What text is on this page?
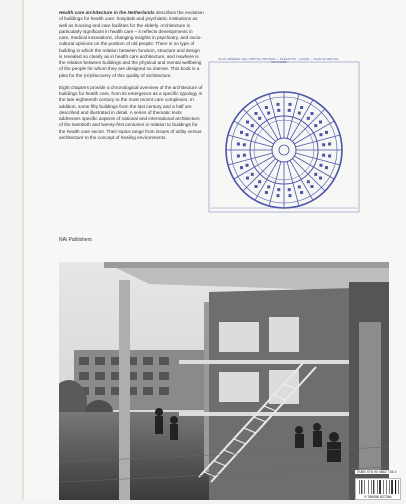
Health care architecture in the Netherlands describes the evolution of buildings for health care: hospitals and psychiatric institutions as well as housing and care facilities for the elderly. Architecture is particularly significant in health care – it reflects developments in care, medical innovations, changing insights in psychiatry, and socio-cultural opinions on the position of old people. There is no type of building in which the relation between function, structure and design is revealed so clearly as in health care architecture, and nowhere is the relation between buildings and the physical and mental wellbeing of the people for whom they are designed so intense. This book is a plea for the (re)discovery of this quality of architecture.

Eight chapters provide a chronological overview of the architecture of buildings for health care, from its emergence as a specific typology in the late eighteenth century to the most recent care complexes. In addition, some fifty buildings from the last century and a half are described and illustrated in detail. A series of thematic texts addresses specific aspects of national and international architecture of the twentieth and twenty-first centuries in relation to buildings for the health care sector. Their topics range from issues of utility versus architecture to the concept of healing environments.

NAi Publishers
PLAN GÉNÉRAL DE L'HÔPITAL PROJETÉ — ÉLÉVATION · COUPE — PLAN DU REZ-DE-CHAUSSÉE
ISBN 978 90 5662 736 4
9 789056 627364
